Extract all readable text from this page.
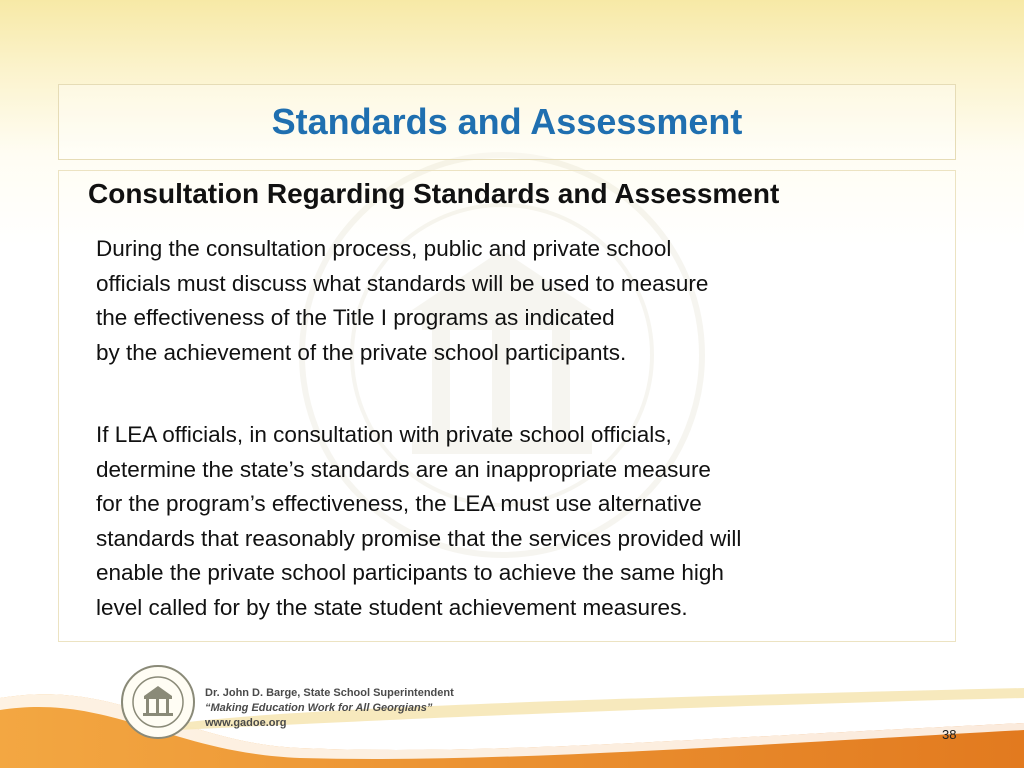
Standards and Assessment
Consultation Regarding Standards and Assessment

During the consultation process, public and private school
officials must discuss what standards will be used to measure
the effectiveness of the Title I programs as indicated
by the achievement of the private school participants.

If LEA officials, in consultation with private school officials,
determine the state’s standards are an inappropriate measure
for the program’s effectiveness, the LEA must use alternative
standards that reasonably promise that the services provided will
enable the private school participants to achieve the same high
level called for by the state student achievement measures.

Dr. John D. Barge, State School Superintendent
“Making Education Work for All Georgians”
www.gadoe.org
38
